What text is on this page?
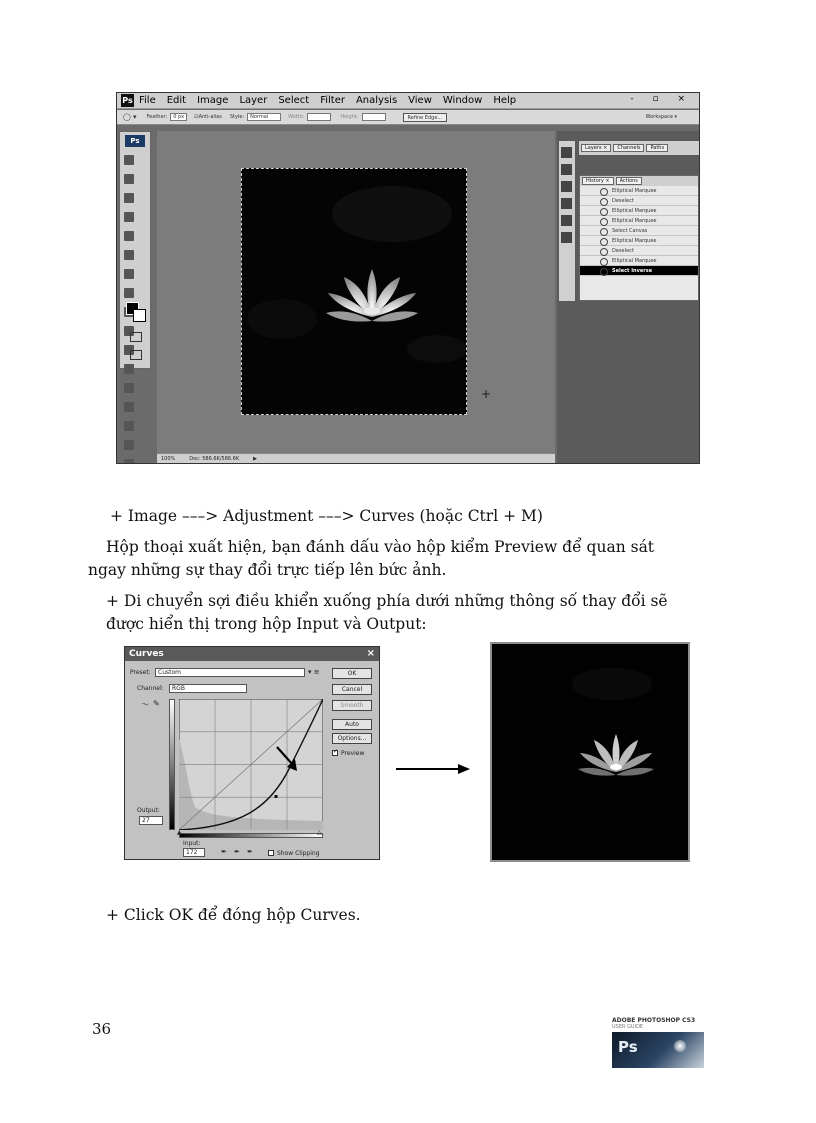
Ps File Edit Image Layer Select Filter Analysis View Window Help	- ▫ ×
◯ ▾ Feather:	0 px	☑ Anti-alias Style:	Normal	Width:	Height:	Refine Edge...	Workspace ▾
Ps

+
100%	Doc: 586.6K/586.6K	▶
Layers ×	Channels	Paths
History ×	Actions
Elliptical Marquee
Deselect
Elliptical Marquee
Elliptical Marquee
Select Canvas
Elliptical Marquee
Deselect
Elliptical Marquee
Select Inverse
+ Image –––> Adjustment –––> Curves (hoặc Ctrl + M)
Hộp thoại xuất hiện, bạn đánh dấu vào hộp kiểm Preview để quan sát
ngay những sự thay đổi trực tiếp lên bức ảnh.
+ Di chuyển sợi điều khiển xuống phía dưới những thông số thay đổi sẽ
được hiển thị trong hộp Input và Output:
Curves	×
Preset:	Custom	▾ ≡
Channel:	RGB
〜 ✎
▲	△
Output:
27
Input:
172	✒ ✒ ✒	Show Clipping
OK
Cancel
Smooth
Auto
Options...
✓ Preview
+ Click OK để đóng hộp Curves.
36	ADOBE PHOTOSHOP CS3
USER GUIDE
Ps
